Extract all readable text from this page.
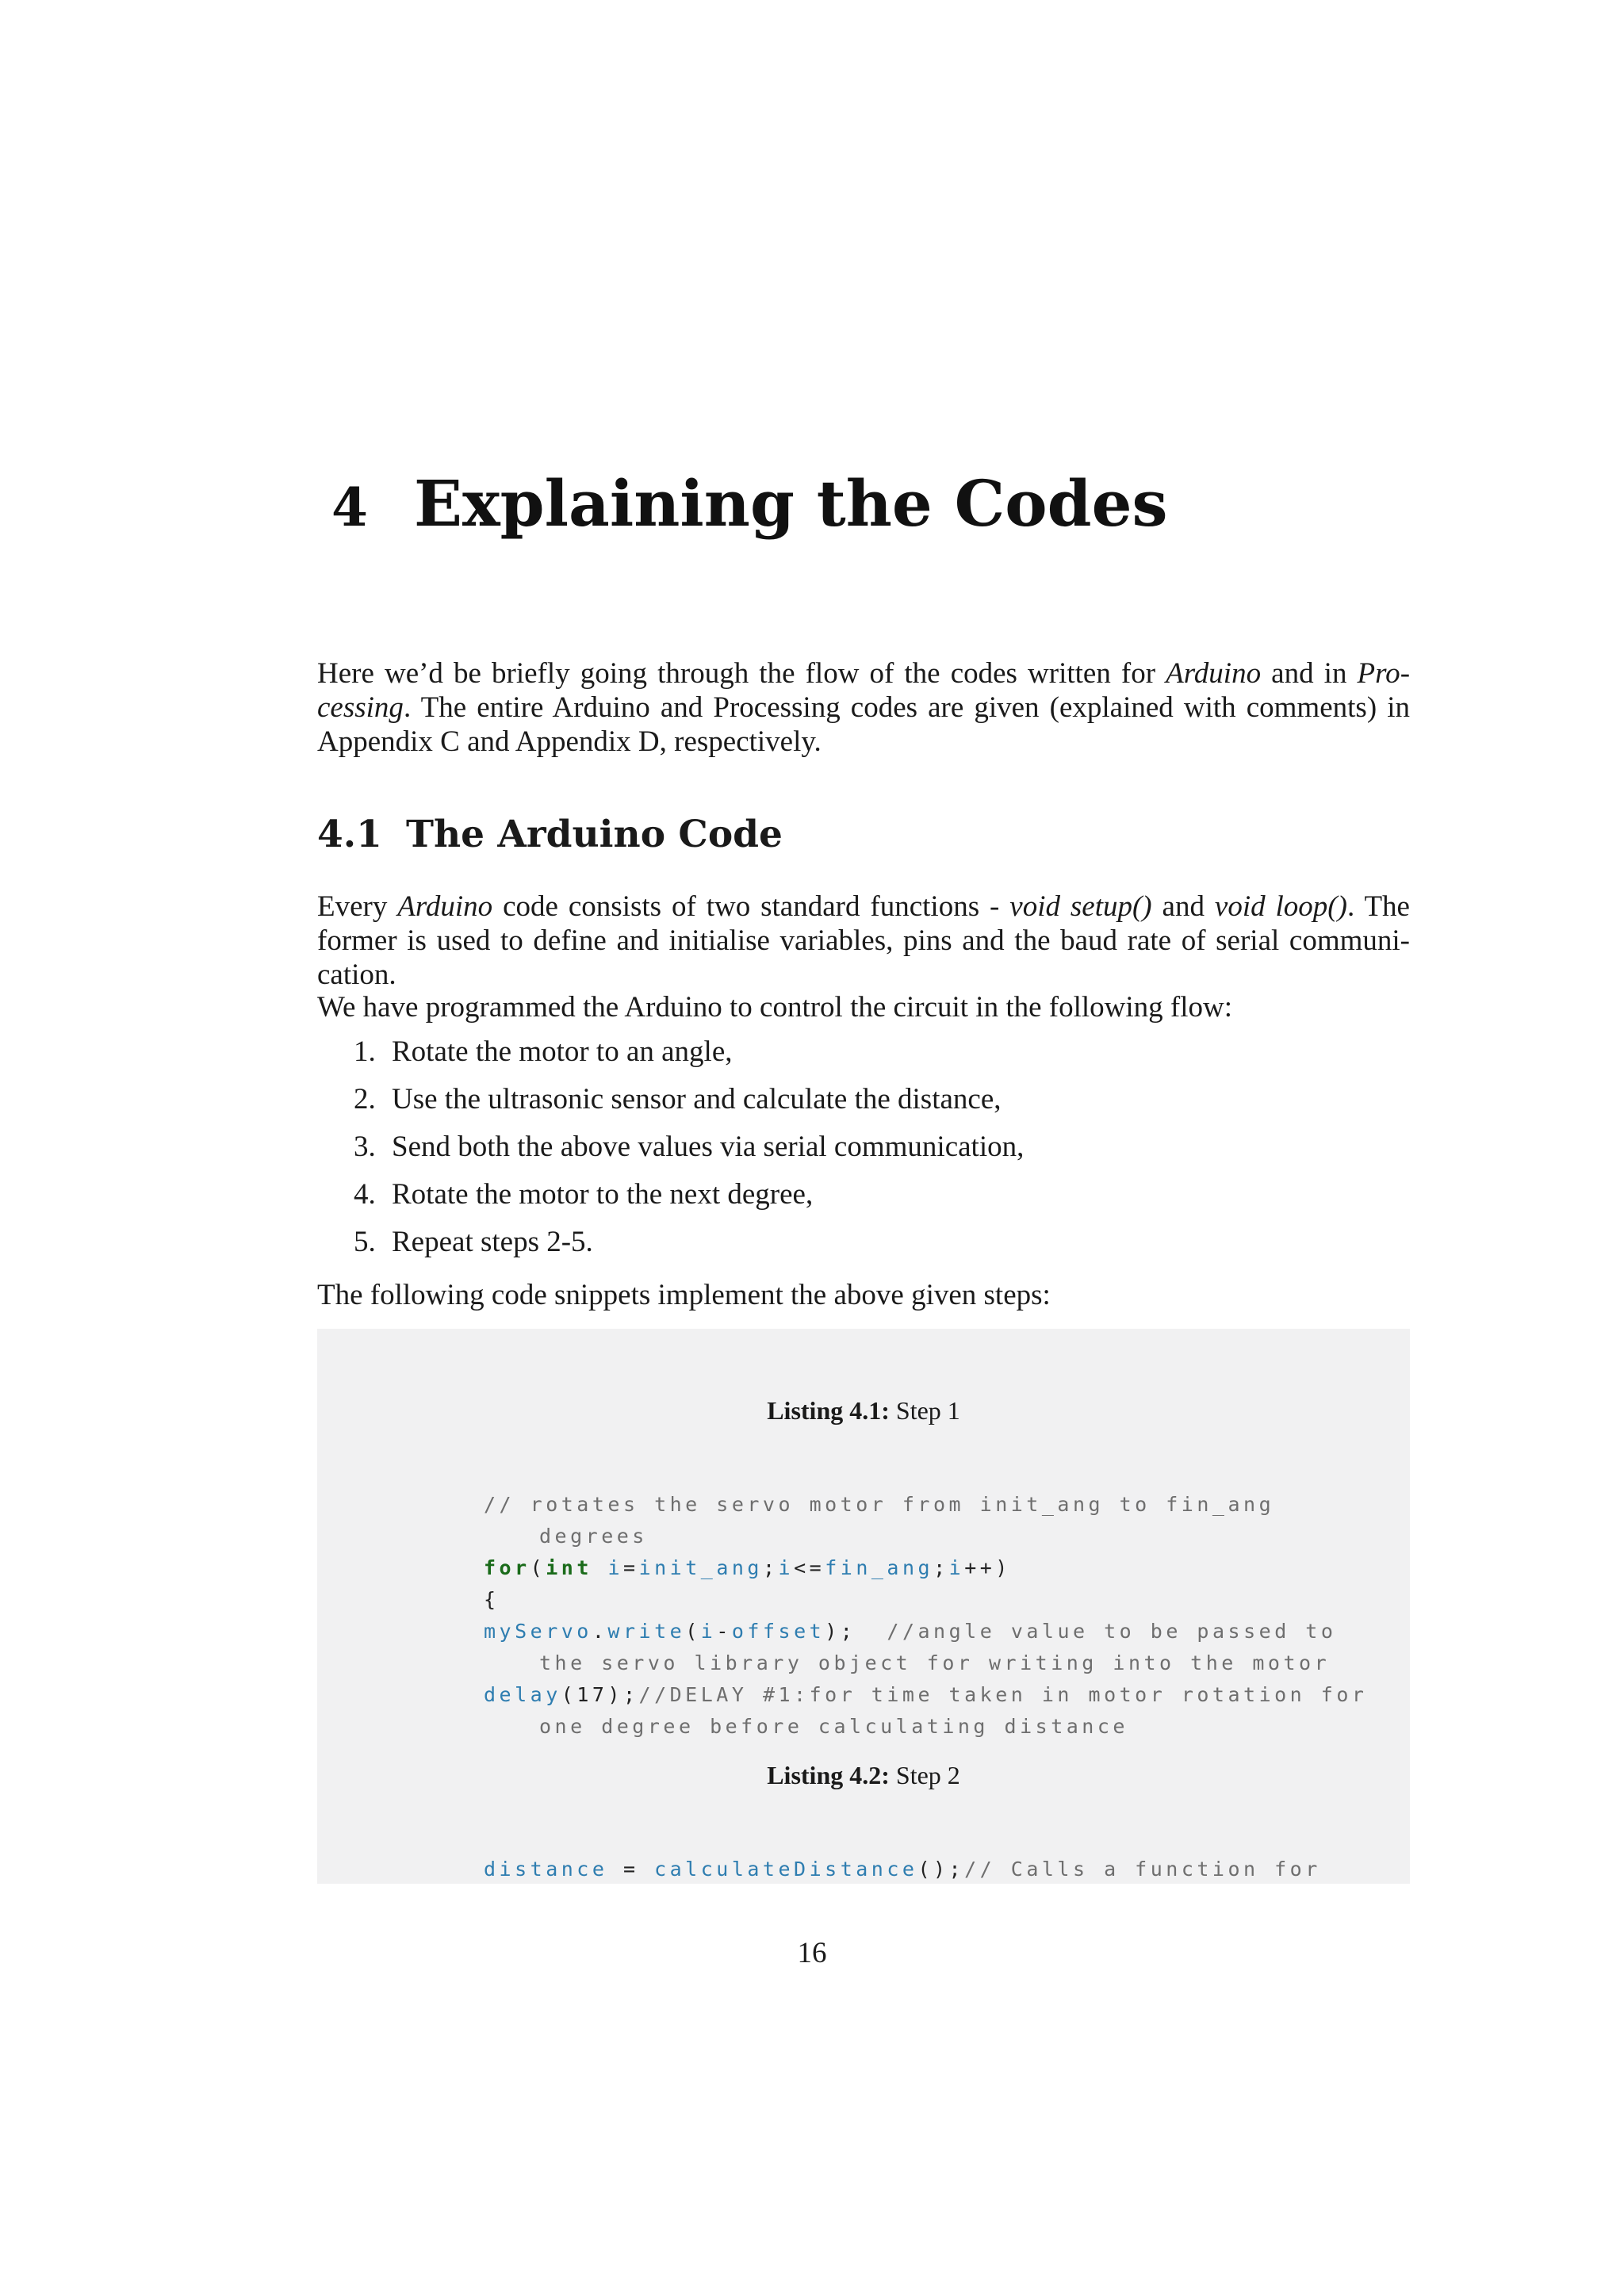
4 Explaining the Codes

Here we’d be briefly going through the flow of the codes written for Arduino and in Processing. The entire Arduino and Processing codes are given (explained with comments) in Appendix C and Appendix D, respectively.

4.1 The Arduino Code

Every Arduino code consists of two standard functions - void setup() and void loop(). The former is used to define and initialise variables, pins and the baud rate of serial communication.

We have programmed the Arduino to control the circuit in the following flow:

1. Rotate the motor to an angle,
2. Use the ultrasonic sensor and calculate the distance,
3. Send both the above values via serial communication,
4. Rotate the motor to the next degree,
5. Repeat steps 2-5.

The following code snippets implement the above given steps:

Listing 4.1: Step 1

// rotates the servo motor from init_ang to fin_ang
degrees
for(int i=init_ang;i<=fin_ang;i++)
{
myServo.write(i-offset); //angle value to be passed to
the servo library object for writing into the motor
delay(17);//DELAY #1:for time taken in motor rotation for
one degree before calculating distance

Listing 4.2: Step 2

distance = calculateDistance();// Calls a function for

16
